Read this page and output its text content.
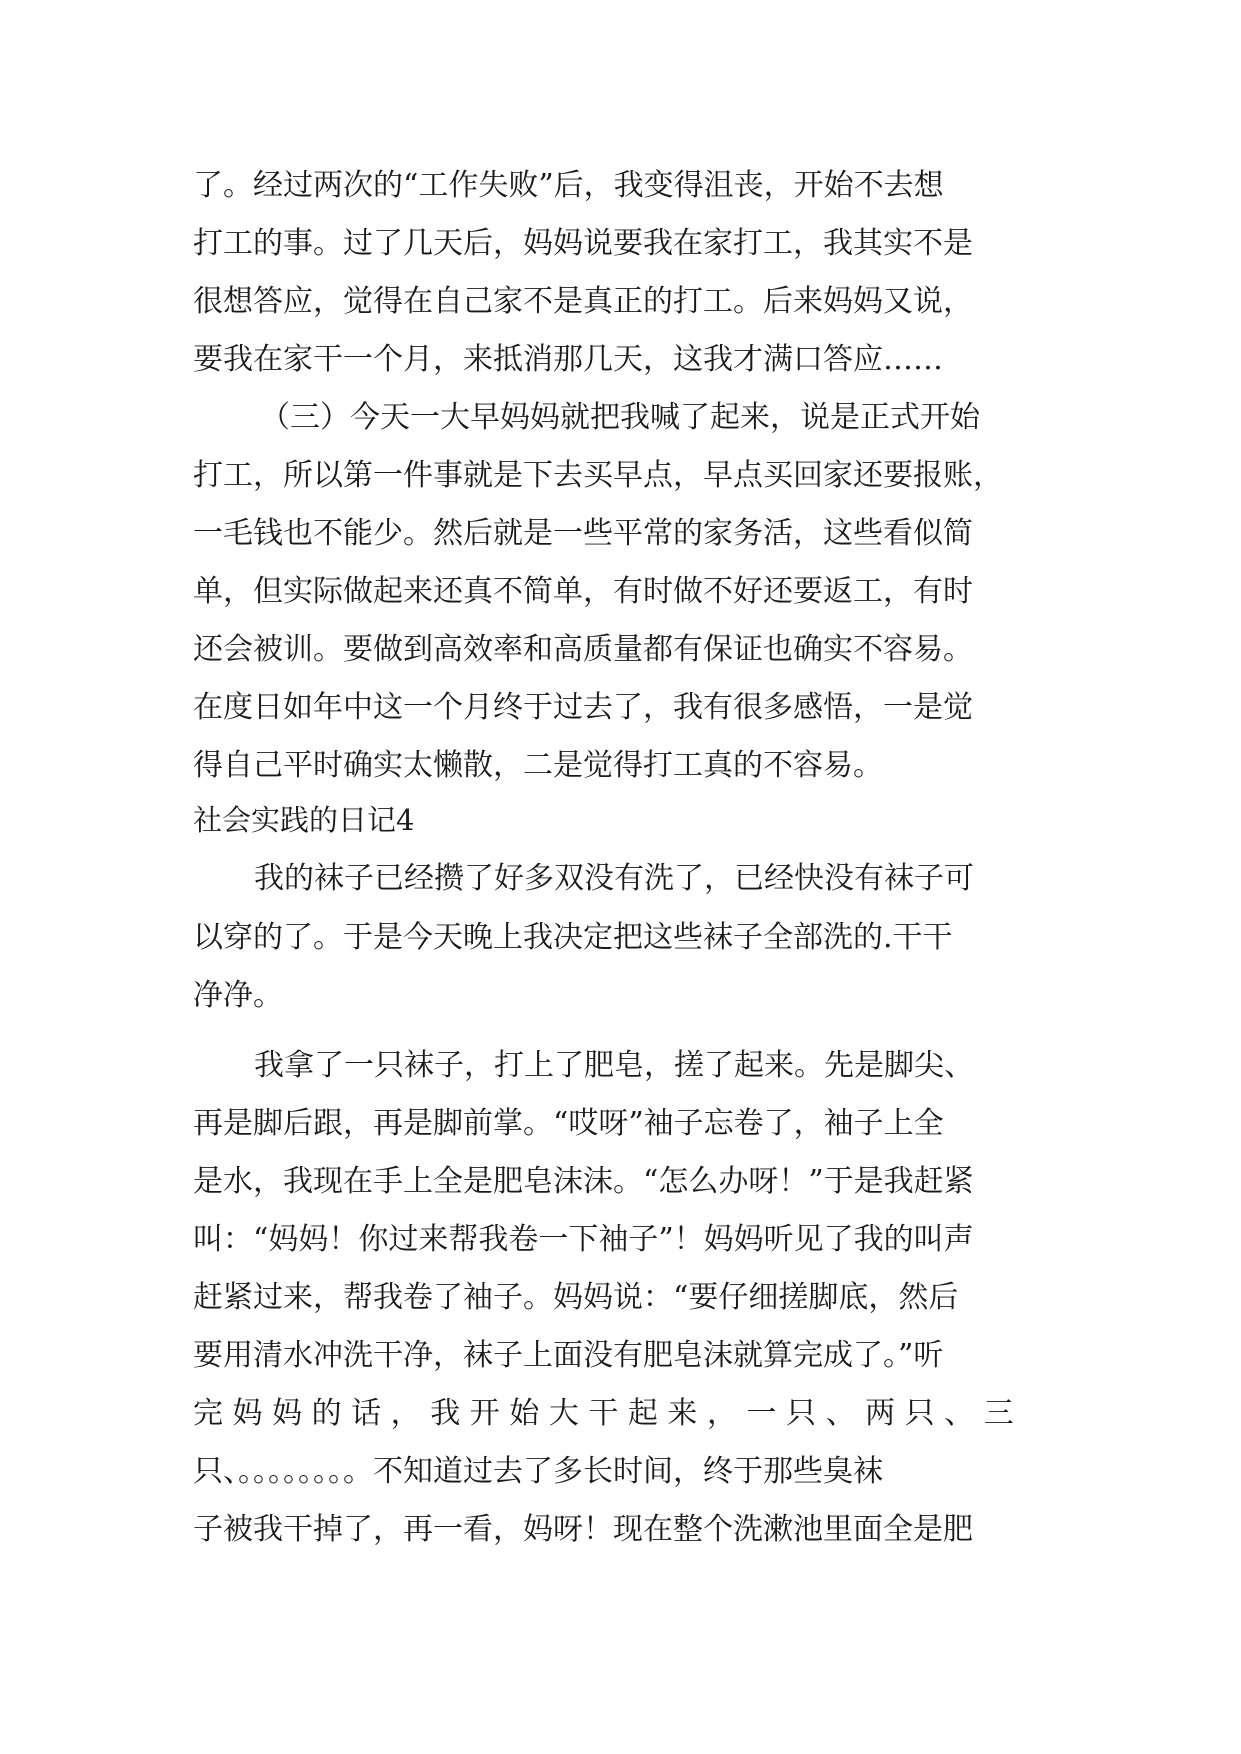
了。经过两次的“工作失败”后，我变得沮丧，开始不去想
打工的事。过了几天后，妈妈说要我在家打工，我其实不是
很想答应，觉得在自己家不是真正的打工。后来妈妈又说，
要我在家干一个月，来抵消那几天，这我才满口答应……
（三）今天一大早妈妈就把我喊了起来，说是正式开始
打工，所以第一件事就是下去买早点，早点买回家还要报账，
一毛钱也不能少。然后就是一些平常的家务活，这些看似简
单，但实际做起来还真不简单，有时做不好还要返工，有时
还会被训。要做到高效率和高质量都有保证也确实不容易。
在度日如年中这一个月终于过去了，我有很多感悟，一是觉
得自己平时确实太懒散，二是觉得打工真的不容易。
社会实践的日记4
我的袜子已经攒了好多双没有洗了，已经快没有袜子可
以穿的了。于是今天晚上我决定把这些袜子全部洗的.干干
净净。
我拿了一只袜子，打上了肥皂，搓了起来。先是脚尖、
再是脚后跟，再是脚前掌。“哎呀”袖子忘卷了，袖子上全
是水，我现在手上全是肥皂沫沫。“怎么办呀！”于是我赶紧
叫：“妈妈！你过来帮我卷一下袖子”！妈妈听见了我的叫声
赶紧过来，帮我卷了袖子。妈妈说：“要仔细搓脚底，然后
要用清水冲洗干净，袜子上面没有肥皂沫就算完成了。”听
完 妈 妈 的 话 ， 我 开 始 大 干 起 来 ， 一 只 、 两 只 、 三
只、。。。。。。。。不知道过去了多长时间，终于那些臭袜
子被我干掉了，再一看，妈呀！现在整个洗漱池里面全是肥
